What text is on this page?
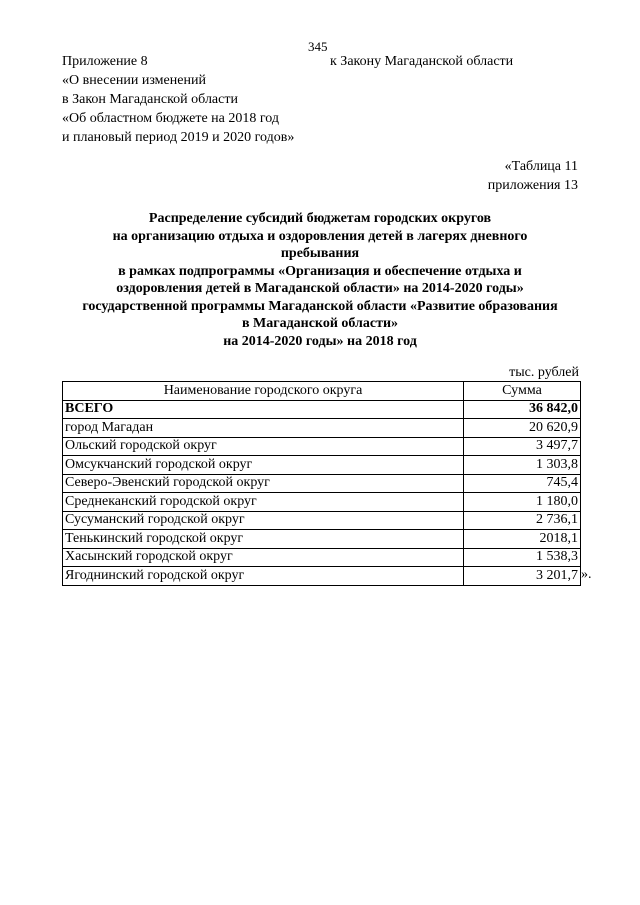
345
Приложение 8
«О внесении изменений
в Закон Магаданской области
«Об областном бюджете на 2018 год
и плановый период 2019 и 2020 годов»
к Закону Магаданской области
«Таблица 11
приложения 13
Распределение субсидий бюджетам городских округов
на организацию отдыха и оздоровления детей в лагерях дневного
пребывания
в рамках подпрограммы «Организация и обеспечение отдыха и
оздоровления детей в Магаданской области» на 2014-2020 годы»
государственной программы Магаданской области «Развитие образования
в Магаданской области»
на 2014-2020 годы» на 2018 год
тыс. рублей
Наименование городского округа	Сумма
ВСЕГО	36 842,0
город Магадан	20 620,9
Ольский городской округ	3 497,7
Омсукчанский городской округ	1 303,8
Северо-Эвенский городской округ	745,4
Среднеканский городской округ	1 180,0
Сусуманский городской округ	2 736,1
Тенькинский городской округ	2018,1
Хасынский городской округ	1 538,3
Ягоднинский городской округ	3 201,7 ».
